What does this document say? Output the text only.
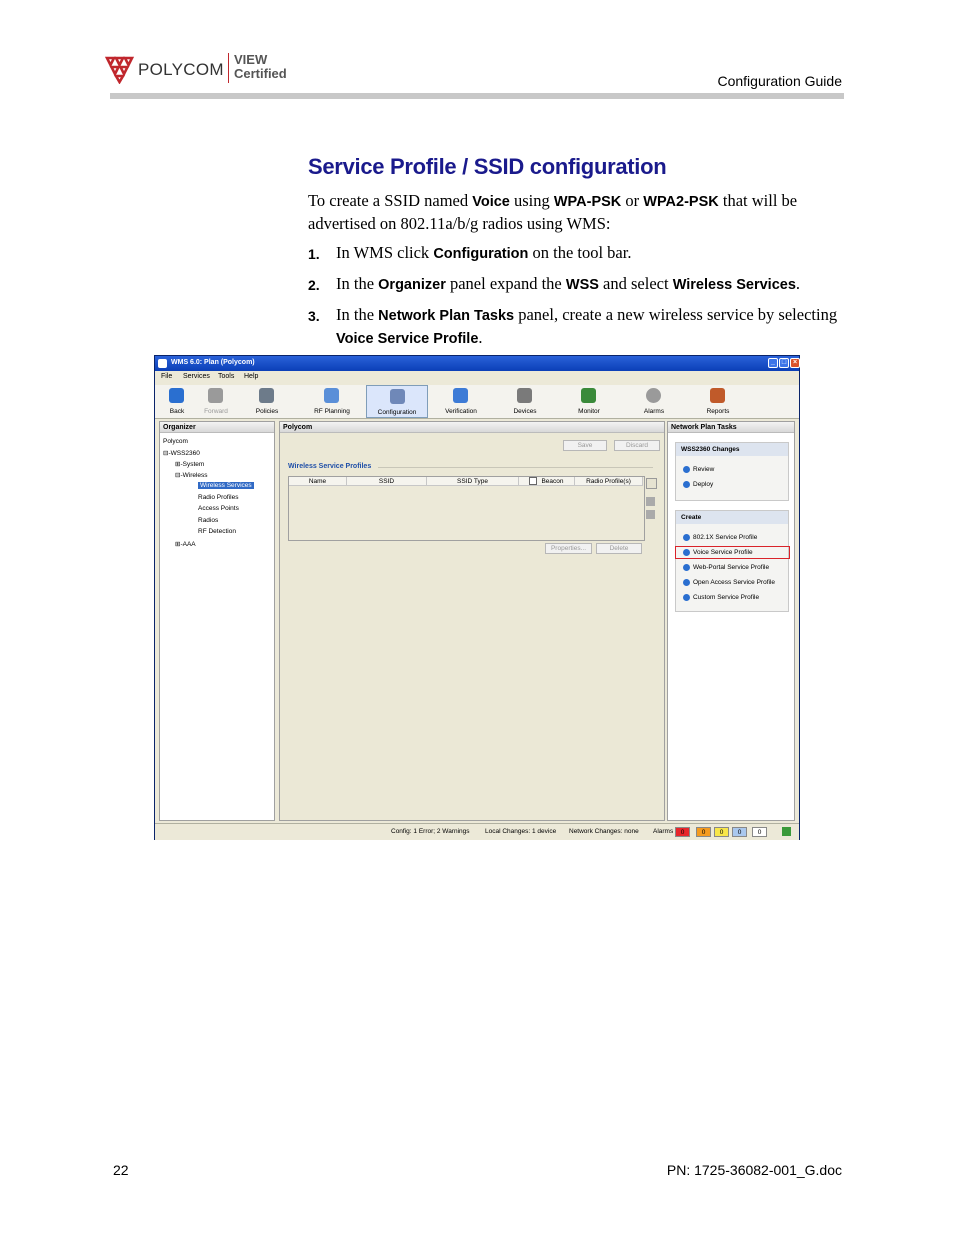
POLYCOM
VIEW
Certified	Configuration Guide
Service Profile / SSID configuration
To create a SSID named Voice using WPA-PSK or WPA2-PSK that will be advertised on 802.11a/b/g radios using WMS:
1. In WMS click Configuration on the tool bar.
2. In the Organizer panel expand the WSS and select Wireless Services.
3. In the Network Plan Tasks panel, create a new wireless service by selecting Voice Service Profile.
WMS 6.0: Plan (Polycom)	_ □ ×
File Services Tools Help
Back	Forward	Policies	RF Planning	Configuration	Verification	Devices	Monitor	Alarms	Reports
Organizer
Polycom
⊟-WSS2360
⊞-System
⊟-Wireless
Wireless Services
Radio Profiles
Access Points
Radios
RF Detection
⊞-AAA
Polycom
Save	Discard
Wireless Service Profiles
Name	SSID	SSID Type	Beacon	Radio Profile(s)
Properties...	Delete
Network Plan Tasks
WSS2360 Changes
Review
Deploy
Create
802.1X Service Profile
Voice Service Profile
Web-Portal Service Profile
Open Access Service Profile
Custom Service Profile
Config: 1 Error; 2 Warnings Local Changes: 1 device Network Changes: none Alarms	0	0	0	0	0
22	PN: 1725-36082-001_G.doc
